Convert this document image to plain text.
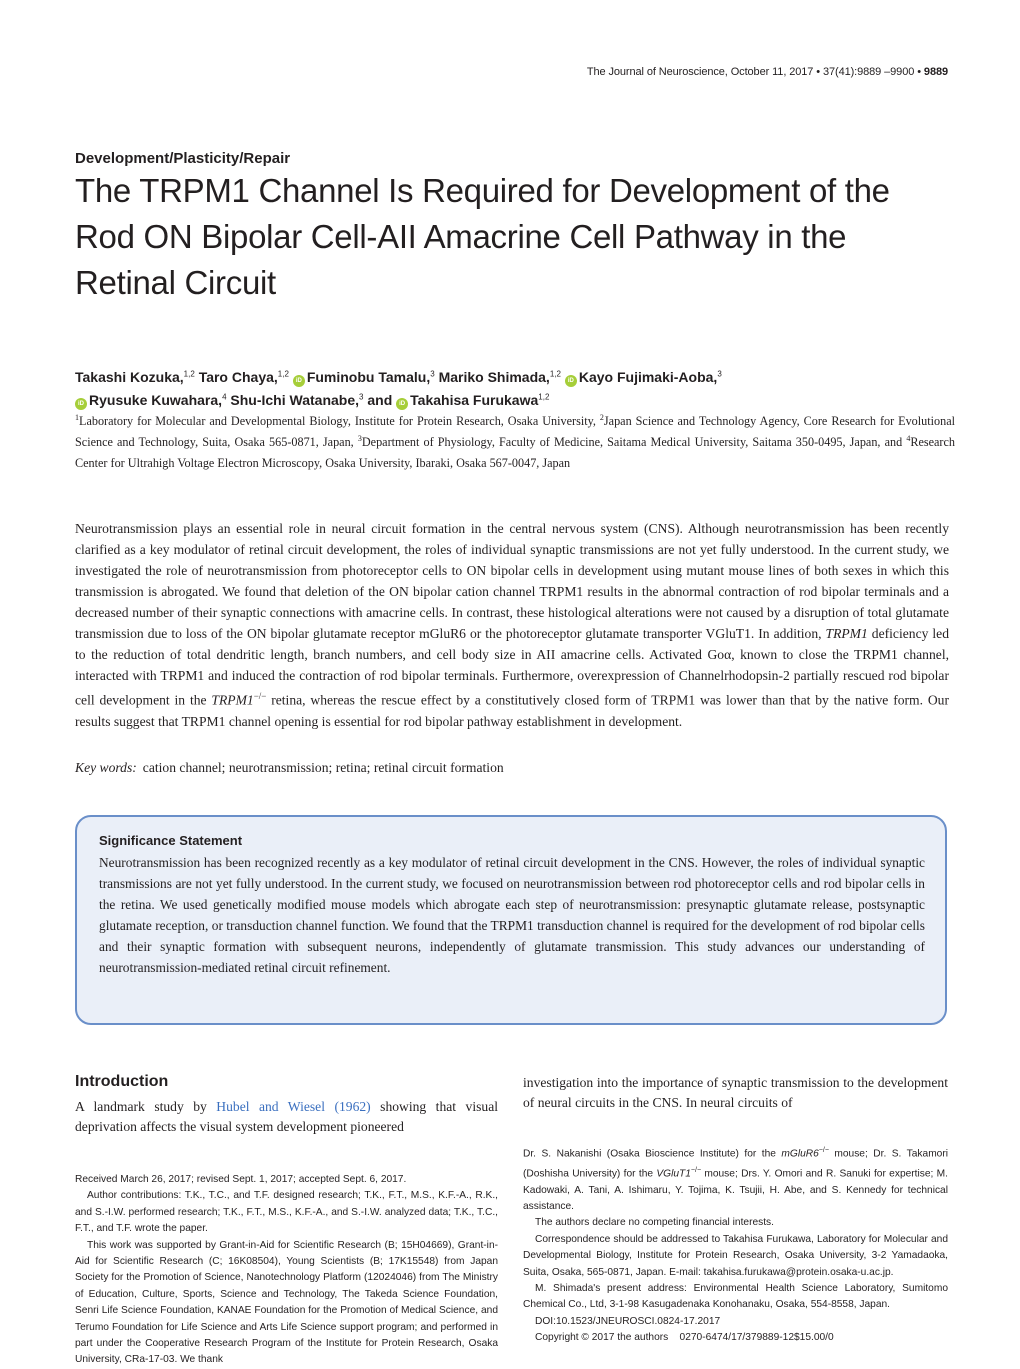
The Journal of Neuroscience, October 11, 2017 • 37(41):9889 –9900 • 9889
Development/Plasticity/Repair
The TRPM1 Channel Is Required for Development of the Rod ON Bipolar Cell-AII Amacrine Cell Pathway in the Retinal Circuit
Takashi Kozuka,$^{1,2}$ Taro Chaya,$^{1,2}$ iD Fuminobu Tamalu,$^3$ Mariko Shimada,$^{1,2}$ iD Kayo Fujimaki-Aoba,$^3$
iD Ryusuke Kuwahara,$^4$ Shu-Ichi Watanabe,$^3$ and iD Takahisa Furukawa$^{1,2}$
$^1$Laboratory for Molecular and Developmental Biology, Institute for Protein Research, Osaka University, $^2$Japan Science and Technology Agency, Core Research for Evolutional Science and Technology, Suita, Osaka 565-0871, Japan, $^3$Department of Physiology, Faculty of Medicine, Saitama Medical University, Saitama 350-0495, Japan, and $^4$Research Center for Ultrahigh Voltage Electron Microscopy, Osaka University, Ibaraki, Osaka 567-0047, Japan

Neurotransmission plays an essential role in neural circuit formation in the central nervous system (CNS). Although neurotransmission has been recently clarified as a key modulator of retinal circuit development, the roles of individual synaptic transmissions are not yet fully understood. In the current study, we investigated the role of neurotransmission from photoreceptor cells to ON bipolar cells in development using mutant mouse lines of both sexes in which this transmission is abrogated. We found that deletion of the ON bipolar cation channel TRPM1 results in the abnormal contraction of rod bipolar terminals and a decreased number of their synaptic connections with amacrine cells. In contrast, these histological alterations were not caused by a disruption of total glutamate transmission due to loss of the ON bipolar glutamate receptor mGluR6 or the photoreceptor glutamate transporter VGluT1. In addition, TRPM1 deficiency led to the reduction of total dendritic length, branch numbers, and cell body size in AII amacrine cells. Activated Goα, known to close the TRPM1 channel, interacted with TRPM1 and induced the contraction of rod bipolar terminals. Furthermore, overexpression of Channelrhodopsin-2 partially rescued rod bipolar cell development in the TRPM1−/− retina, whereas the rescue effect by a constitutively closed form of TRPM1 was lower than that by the native form. Our results suggest that TRPM1 channel opening is essential for rod bipolar pathway establishment in development.

Key words: cation channel; neurotransmission; retina; retinal circuit formation
Significance Statement
Neurotransmission has been recognized recently as a key modulator of retinal circuit development in the CNS. However, the roles of individual synaptic transmissions are not yet fully understood. In the current study, we focused on neurotransmission between rod photoreceptor cells and rod bipolar cells in the retina. We used genetically modified mouse models which abrogate each step of neurotransmission: presynaptic glutamate release, postsynaptic glutamate reception, or transduction channel function. We found that the TRPM1 transduction channel is required for the development of rod bipolar cells and their synaptic formation with subsequent neurons, independently of glutamate transmission. This study advances our understanding of neurotransmission-mediated retinal circuit refinement.
Introduction

A landmark study by Hubel and Wiesel (1962) showing that visual deprivation affects the visual system development pioneered

investigation into the importance of synaptic transmission to the development of neural circuits in the CNS. In neural circuits of

Received March 26, 2017; revised Sept. 1, 2017; accepted Sept. 6, 2017.

Author contributions: T.K., T.C., and T.F. designed research; T.K., F.T., M.S., K.F.-A., R.K., and S.-I.W. performed research; T.K., F.T., M.S., K.F.-A., and S.-I.W. analyzed data; T.K., T.C., F.T., and T.F. wrote the paper.

This work was supported by Grant-in-Aid for Scientific Research (B; 15H04669), Grant-in-Aid for Scientific Research (C; 16K08504), Young Scientists (B; 17K15548) from Japan Society for the Promotion of Science, Nanotechnology Platform (12024046) from The Ministry of Education, Culture, Sports, Science and Technology, The Takeda Science Foundation, Senri Life Science Foundation, KANAE Foundation for the Promotion of Medical Science, and Terumo Foundation for Life Science and Arts Life Science support program; and performed in part under the Cooperative Research Program of the Institute for Protein Research, Osaka University, CRa-17-03. We thank

Dr. S. Nakanishi (Osaka Bioscience Institute) for the mGluR6−/− mouse; Dr. S. Takamori (Doshisha University) for the VGluT1−/− mouse; Drs. Y. Omori and R. Sanuki for expertise; M. Kadowaki, A. Tani, A. Ishimaru, Y. Tojima, K. Tsujii, H. Abe, and S. Kennedy for technical assistance.

The authors declare no competing financial interests.

Correspondence should be addressed to Takahisa Furukawa, Laboratory for Molecular and Developmental Biology, Institute for Protein Research, Osaka University, 3-2 Yamadaoka, Suita, Osaka, 565-0871, Japan. E-mail: takahisa.furukawa@protein.osaka-u.ac.jp.

M. Shimada's present address: Environmental Health Science Laboratory, Sumitomo Chemical Co., Ltd, 3-1-98 Kasugadenaka Konohanaku, Osaka, 554-8558, Japan.

DOI:10.1523/JNEUROSCI.0824-17.2017

Copyright © 2017 the authors    0270-6474/17/379889-12$15.00/0
